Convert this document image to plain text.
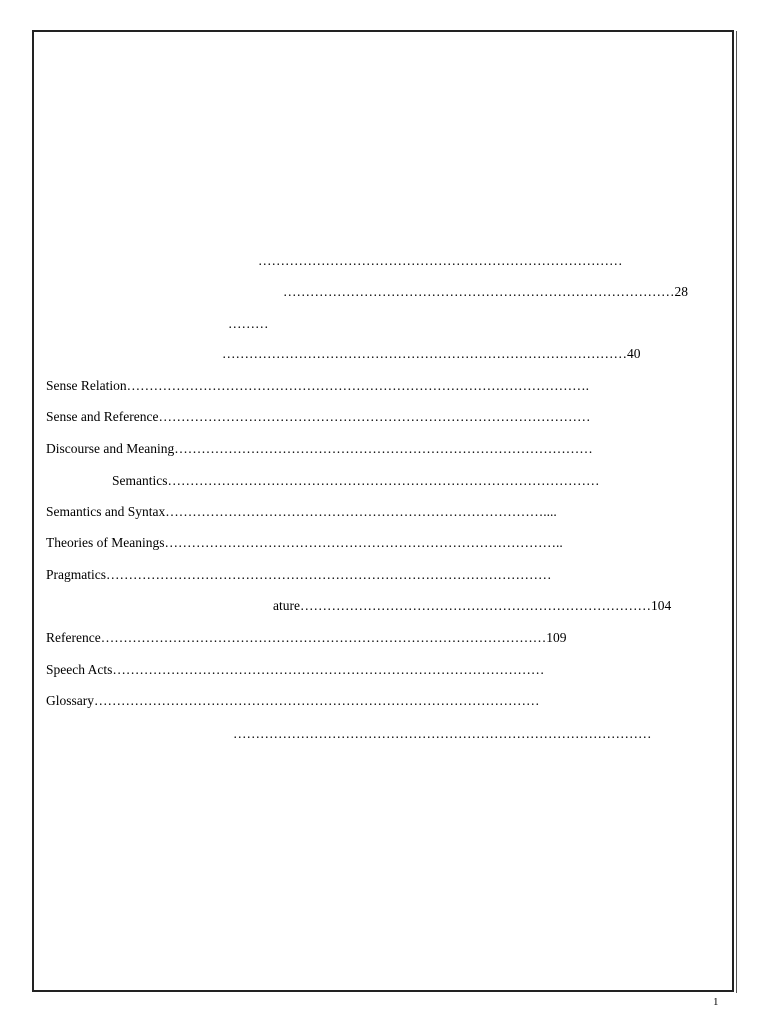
………………………………………………………………………
……………………………………………………………………………28
………
………………………………………………………………………………40
Sense Relation………………………………………………………………………………………….
Sense and Reference……………………………………………………………………………………
Discourse and Meaning…………………………………………………………………………………
Semantics……………………………………………………………………………………
Semantics and Syntax…………………………………………………………………………....
Theories of Meanings……………………………………………………………………………..
Pragmatics………………………………………………………………………………………
ature……………………………………………………………………104
Reference………………………………………………………………………………………109
Speech Acts……………………………………………………………………………………
Glossary………………………………………………………………………………………
…………………………………………………………………………………
1
